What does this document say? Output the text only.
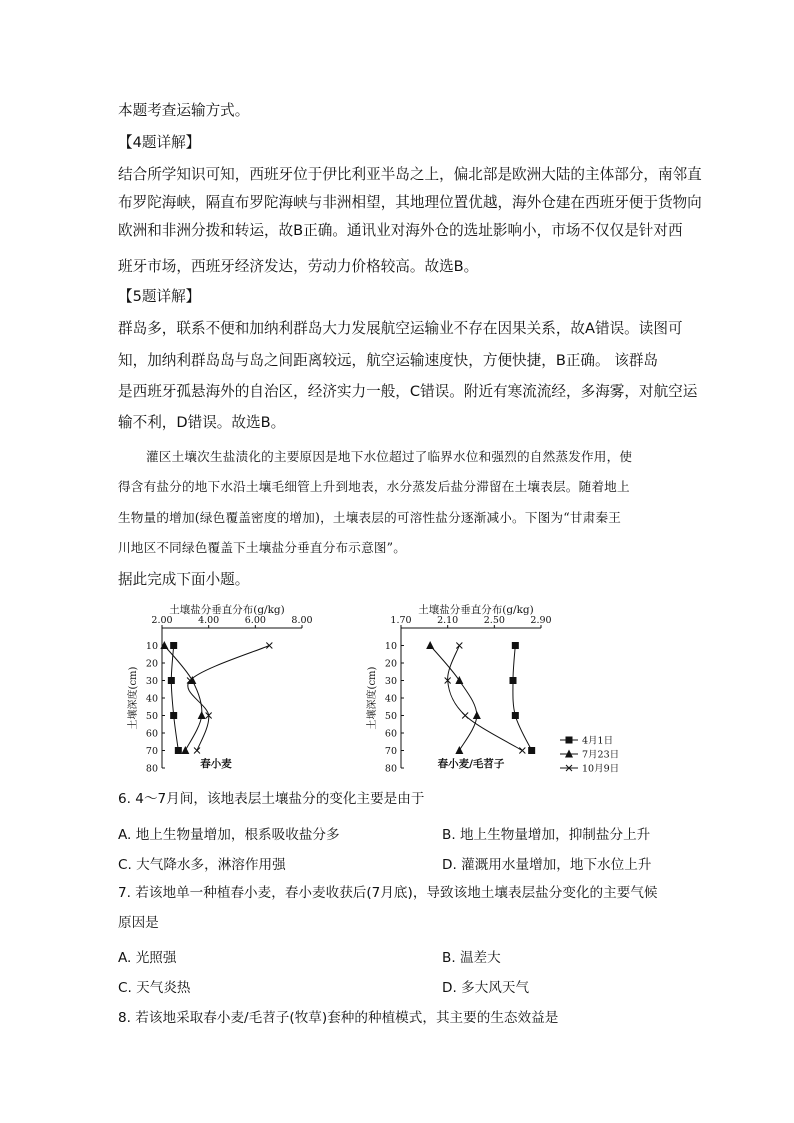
本题考查运输方式。
【4题详解】
结合所学知识可知，西班牙位于伊比利亚半岛之上，偏北部是欧洲大陆的主体部分，南邻直
布罗陀海峡，隔直布罗陀海峡与非洲相望，其地理位置优越，海外仓建在西班牙便于货物向
欧洲和非洲分拨和转运，故B正确。通讯业对海外仓的选址影响小，市场不仅仅是针对西
班牙市场，西班牙经济发达，劳动力价格较高。故选B。
【5题详解】
群岛多，联系不便和加纳利群岛大力发展航空运输业不存在因果关系，故A错误。读图可
知，加纳利群岛岛与岛之间距离较远，航空运输速度快，方便快捷，B正确。 该群岛
是西班牙孤悬海外的自治区，经济实力一般，C错误。附近有寒流流经，多海雾，对航空运
输不利，D错误。故选B。
灌区土壤次生盐渍化的主要原因是地下水位超过了临界水位和强烈的自然蒸发作用，使
得含有盐分的地下水沿土壤毛细管上升到地表，水分蒸发后盐分滞留在土壤表层。随着地上
生物量的增加(绿色覆盖密度的增加)，土壤表层的可溶性盐分逐渐减小。下图为“甘肃秦王
川地区不同绿色覆盖下土壤盐分垂直分布示意图”。
据此完成下面小题。
土壤盐分垂直分布(g/kg)
2.00	4.00	6.00	8.00
10
20
30
40
50
60
70
80
土壤深度(cm)
春小麦
土壤盐分垂直分布(g/kg)
1.70	2.10	2.50	2.90
10
20
30
40
50
60
70
80
土壤深度(cm)
春小麦/毛苕子
4月1日
7月23日
10月9日
6. 4～7月间，该地表层土壤盐分的变化主要是由于
A. 地上生物量增加，根系吸收盐分多	B. 地上生物量增加，抑制盐分上升
C. 大气降水多，淋溶作用强	D. 灌溉用水量增加，地下水位上升
7. 若该地单一种植春小麦，春小麦收获后(7月底)，导致该地土壤表层盐分变化的主要气候
原因是
A. 光照强	B. 温差大
C. 天气炎热	D. 多大风天气
8. 若该地采取春小麦/毛苕子(牧草)套种的种植模式，其主要的生态效益是
